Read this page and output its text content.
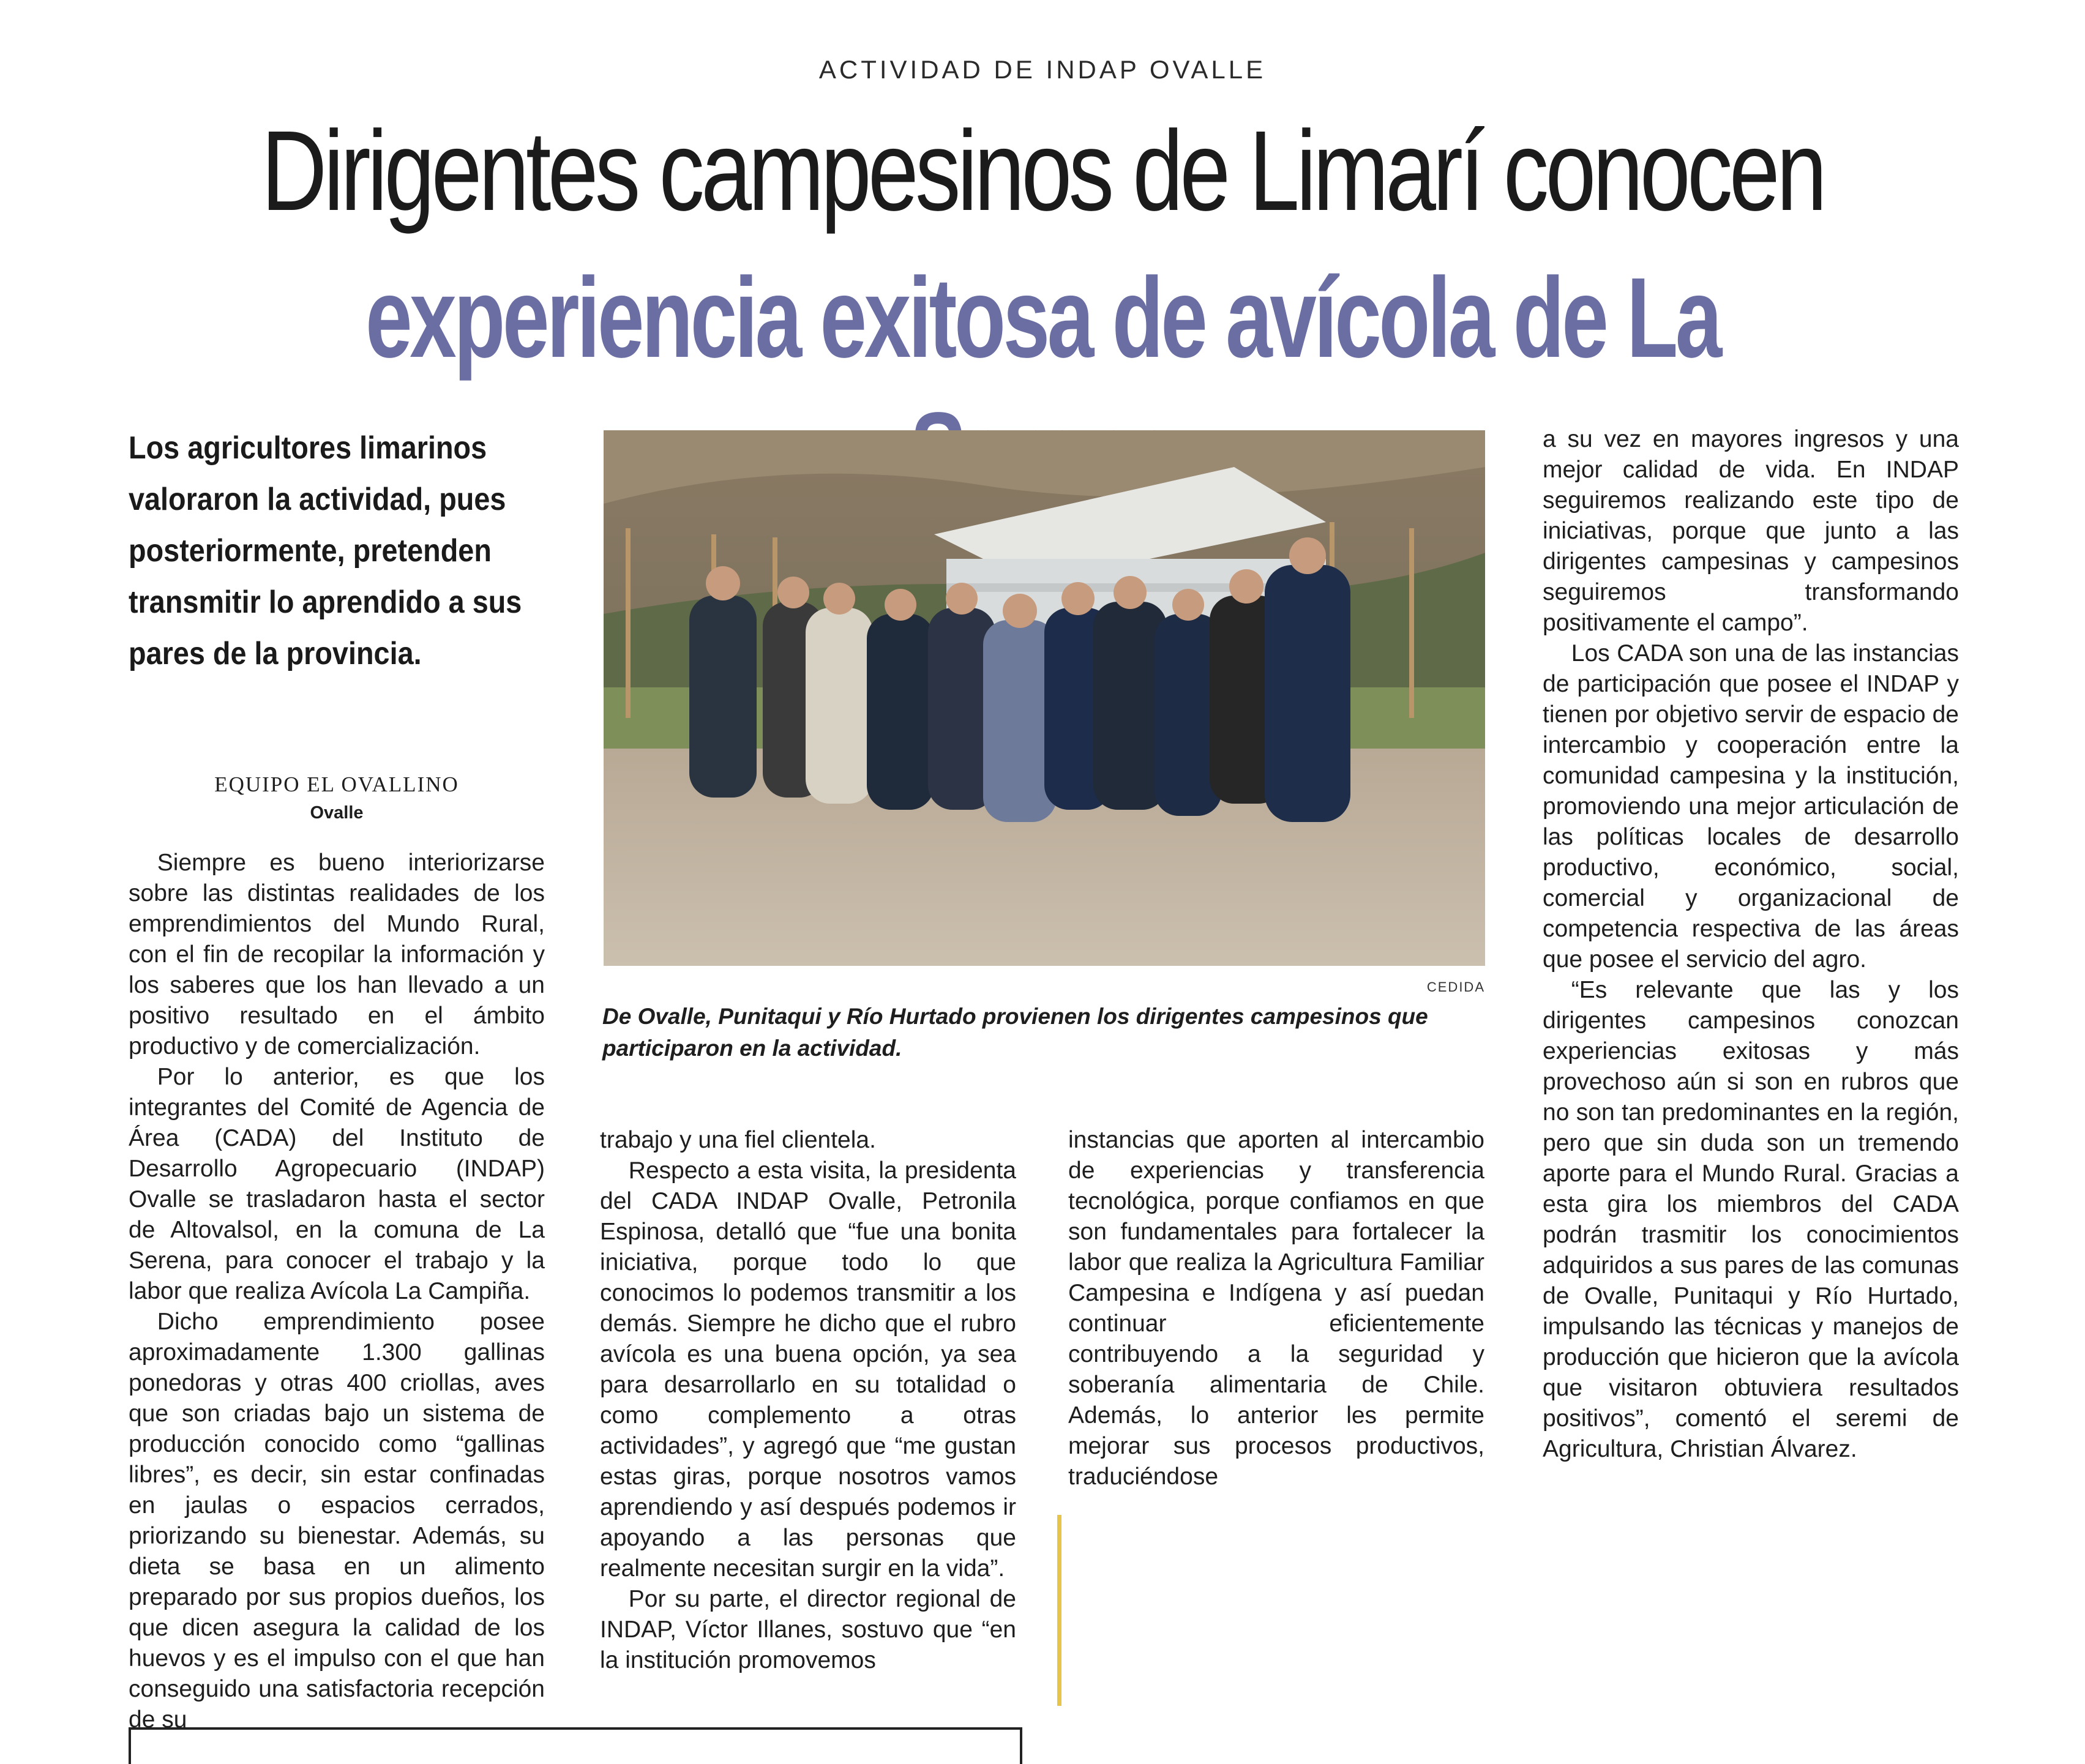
ACTIVIDAD DE INDAP OVALLE
Dirigentes campesinos de Limarí conocen
experiencia exitosa de avícola de La
Los agricultores limarinos valoraron la actividad, pues posteriormente, pretenden transmitir lo aprendido a sus pares de la provincia.
EQUIPO EL OVALLINO
Ovalle

Siempre es bueno interiorizarse sobre las distintas realidades de los emprendimientos del Mundo Rural, con el fin de recopilar la información y los saberes que los han llevado a un positivo resultado en el ámbito productivo y de comercialización.

Por lo anterior, es que los integrantes del Comité de Agencia de Área (CADA) del Instituto de Desarrollo Agropecuario (INDAP) Ovalle se trasladaron hasta el sector de Altovalsol, en la comuna de La Serena, para conocer el trabajo y la labor que realiza Avícola La Campiña.

Dicho emprendimiento posee aproximadamente 1.300 gallinas ponedoras y otras 400 criollas, aves que son criadas bajo un sistema de producción conocido como “gallinas libres”, es decir, sin estar confinadas en jaulas o espacios cerrados, priorizando su bienestar. Además, su dieta se basa en un alimento preparado por sus propios dueños, los que dicen asegura la calidad de los huevos y es el impulso con el que han conseguido una satisfactoria recepción de su

CEDIDA
De Ovalle, Punitaqui y Río Hurtado provienen los dirigentes campesinos que participaron en la actividad.

trabajo y una fiel clientela.

Respecto a esta visita, la presidenta del CADA INDAP Ovalle, Petronila Espinosa, detalló que “fue una bonita iniciativa, porque todo lo que conocimos lo podemos transmitir a los demás. Siempre he dicho que el rubro avícola es una buena opción, ya sea para desarrollarlo en su totalidad o como complemento a otras actividades”, y agregó que “me gustan estas giras, porque nosotros vamos aprendiendo y así después podemos ir apoyando a las personas que realmente necesitan surgir en la vida”.

Por su parte, el director regional de INDAP, Víctor Illanes, sostuvo que “en la institución promovemos

instancias que aporten al intercambio de experiencias y transferencia tecnológica, porque confiamos en que son fundamentales para fortalecer la labor que realiza la Agricultura Familiar Campesina e Indígena y así puedan continuar eficientemente contribuyendo a la seguridad y soberanía alimentaria de Chile. Además, lo anterior les permite mejorar sus procesos productivos, traduciéndose

a su vez en mayores ingresos y una mejor calidad de vida. En INDAP seguiremos realizando este tipo de iniciativas, porque que junto a las dirigentes campesinas y campesinos seguiremos transformando positivamente el campo”.

Los CADA son una de las instancias de participación que posee el INDAP y tienen por objetivo servir de espacio de intercambio y cooperación entre la comunidad campesina y la institución, promoviendo una mejor articulación de las políticas locales de desarrollo productivo, económico, social, comercial y organizacional de competencia respectiva de las áreas que posee el servicio del agro.

“Es relevante que las y los dirigentes campesinos conozcan experiencias exitosas y más provechoso aún si son en rubros que no son tan predominantes en la región, pero que sin duda son un tremendo aporte para el Mundo Rural. Gracias a esta gira los miembros del CADA podrán trasmitir los conocimientos adquiridos a sus pares de las comunas de Ovalle, Punitaqui y Río Hurtado, impulsando las técnicas y manejos de producción que hicieron que la avícola que visitaron obtuviera resultados positivos”, comentó el seremi de Agricultura, Christian Álvarez.
